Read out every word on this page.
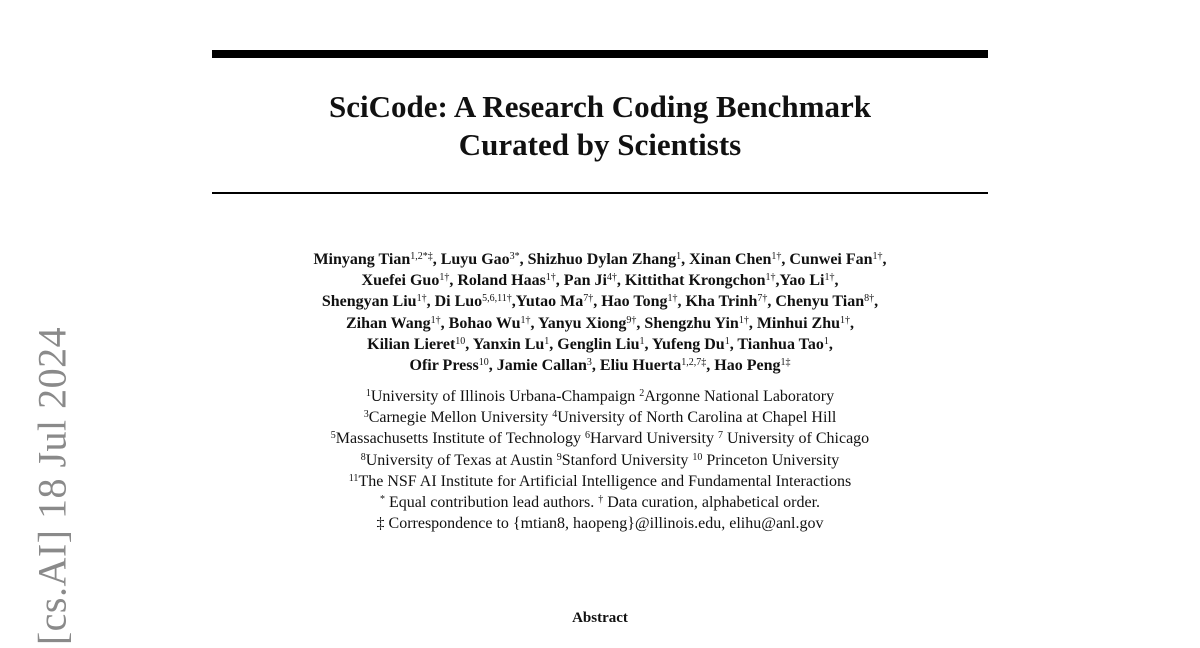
[cs.AI] 18 Jul 2024
SciCode: A Research Coding Benchmark
Curated by Scientists
Minyang Tian$^{1,2*\ddagger}$, Luyu Gao$^{3*}$, Shizhuo Dylan Zhang$^1$, Xinan Chen$^{1\dagger}$, Cunwei Fan$^{1\dagger}$,
Xuefei Guo$^{1\dagger}$, Roland Haas$^{1\dagger}$, Pan $Ji^{4\dagger}$, Kittithat Krongchon$^{1\dagger}$,Yao $Li^{1\dagger}$,
Shengyan Liu$^{1\dagger}$, Di Luo$^{5,6,11\dagger}$,Yutao $Ma^{7\dagger}$, Hao Tong$^{1\dagger}$, Kha Trinh$^{7\dagger}$, Chenyu Tian$^{8\dagger}$,
Zihan Wang$^{1\dagger}$, Bohao $Wu^{1\dagger}$, Yanyu Xiong$^{9\dagger}$, Shengzhu Yin$^{1\dagger}$, Minhui Zhu$^{1\dagger}$,
Kilian Lieret$^{10}$, Yanxin Lu$^1$, Genglin Liu$^1$, Yufeng Du$^1$, Tianhua Tao$^1$,
Ofir Press$^{10}$, Jamie Callan$^3$, Eliu Huerta$^{1,2,7\ddagger}$, Hao Peng$^{1\ddagger}$
$^1$University of Illinois Urbana-Champaign $^2$Argonne National Laboratory
$^3$Carnegie Mellon University $^4$University of North Carolina at Chapel Hill
$^5$Massachusetts Institute of Technology $^6$Harvard University $^7$ University of Chicago
$^8$University of Texas at Austin $^9$Stanford University $^{10}$ Princeton University
$^{11}$The NSF AI Institute for Artificial Intelligence and Fundamental Interactions
* Equal contribution lead authors. † Data curation, alphabetical order.
‡ Correspondence to {mtian8, haopeng}@illinois.edu, elihu@anl.gov
Abstract
